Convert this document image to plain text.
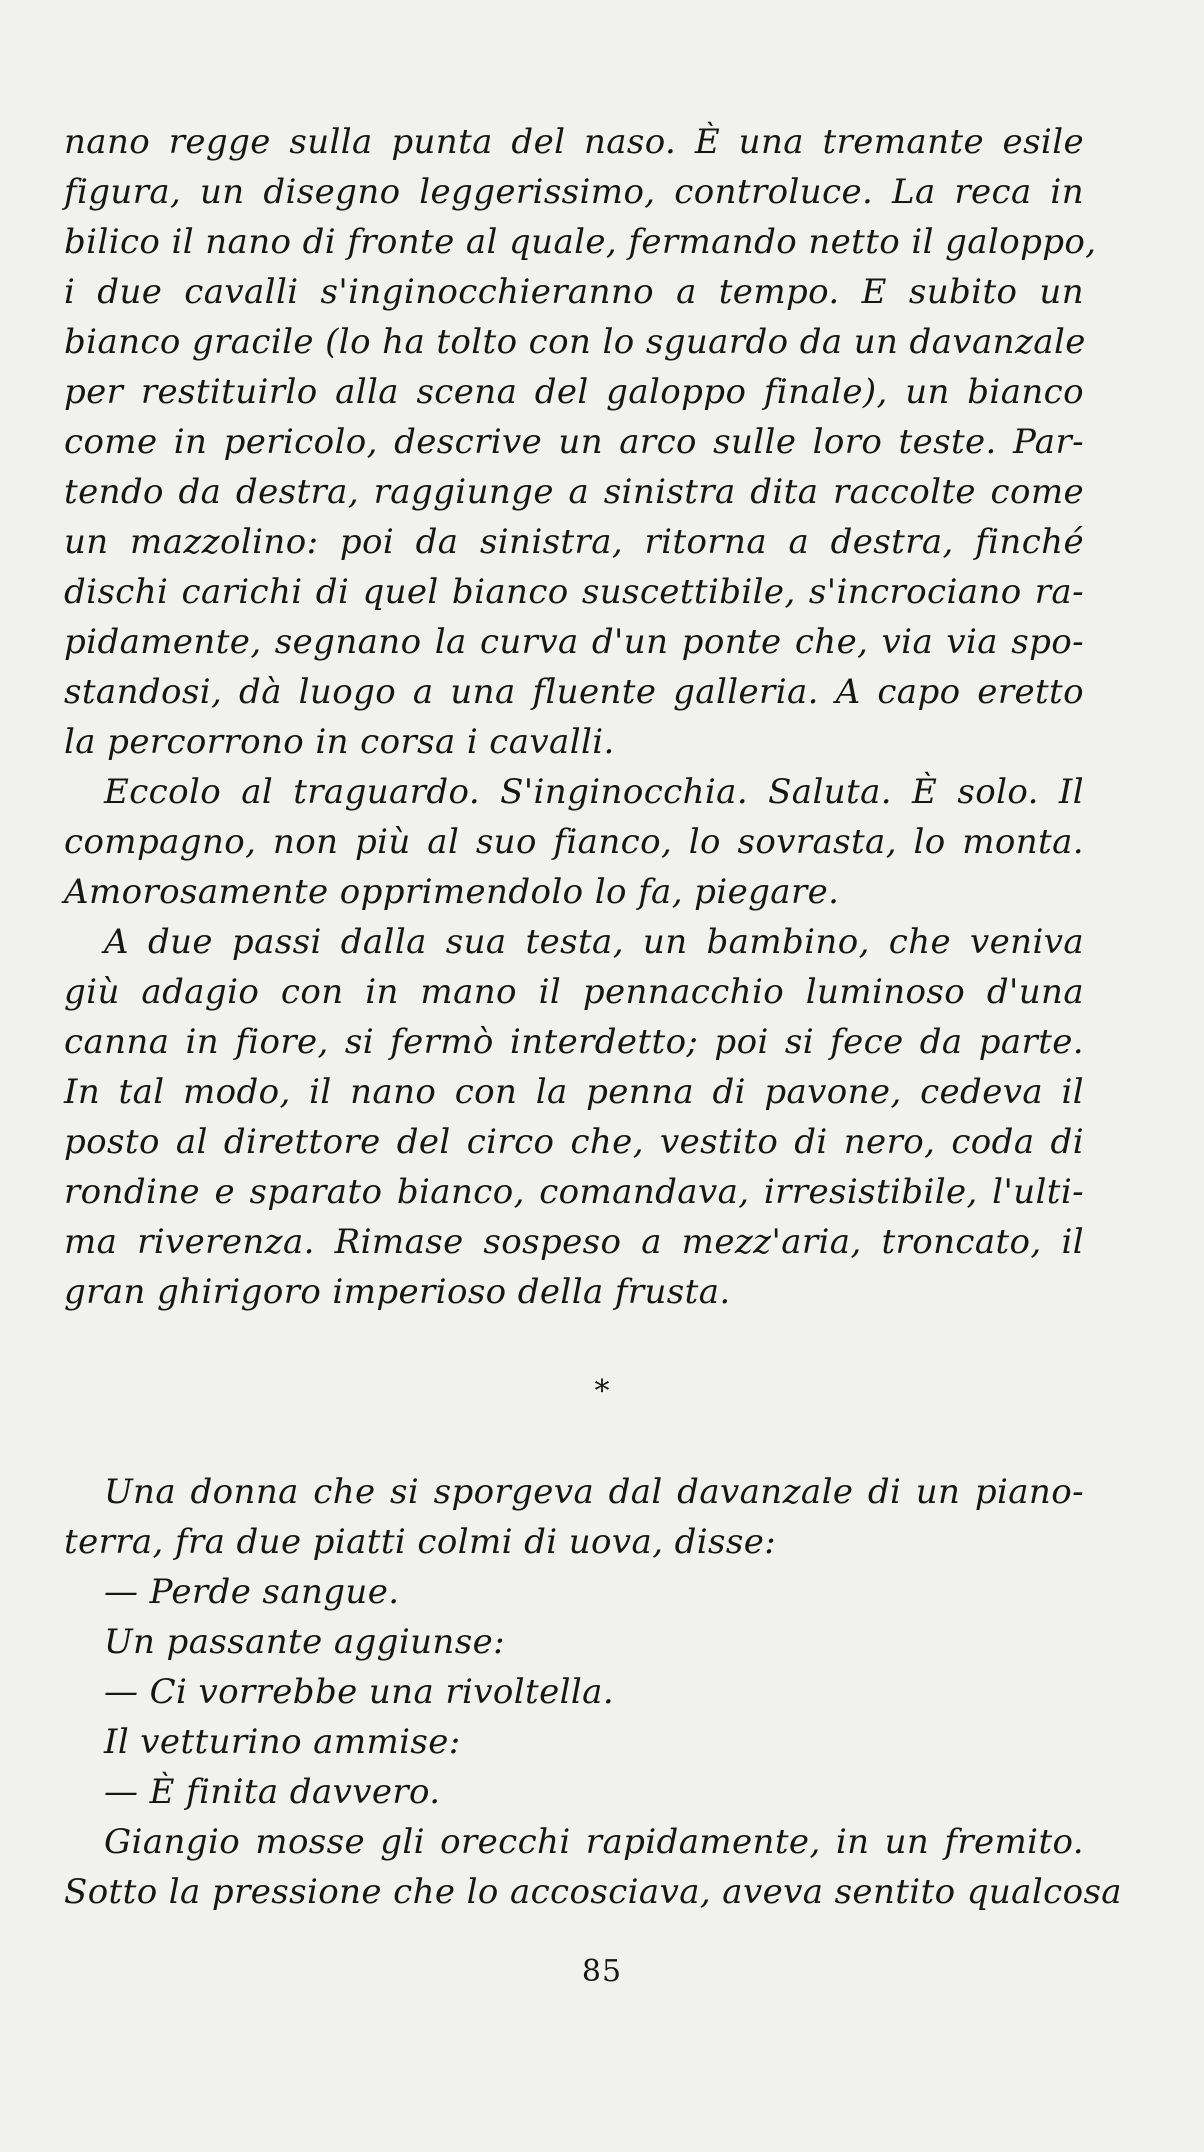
nano regge sulla punta del naso. È una tremante esile
figura, un disegno leggerissimo, controluce. La reca in
bilico il nano di fronte al quale, fermando netto il galoppo,
i due cavalli s'inginocchieranno a tempo. E subito un
bianco gracile (lo ha tolto con lo sguardo da un davanzale
per restituirlo alla scena del galoppo finale), un bianco
come in pericolo, descrive un arco sulle loro teste. Par-
tendo da destra, raggiunge a sinistra dita raccolte come
un mazzolino: poi da sinistra, ritorna a destra, finché
dischi carichi di quel bianco suscettibile, s'incrociano ra-
pidamente, segnano la curva d'un ponte che, via via spo-
standosi, dà luogo a una fluente galleria. A capo eretto
la percorrono in corsa i cavalli.
Eccolo al traguardo. S'inginocchia. Saluta. È solo. Il
compagno, non più al suo fianco, lo sovrasta, lo monta.
Amorosamente opprimendolo lo fa, piegare.
A due passi dalla sua testa, un bambino, che veniva
giù adagio con in mano il pennacchio luminoso d'una
canna in fiore, si fermò interdetto; poi si fece da parte.
In tal modo, il nano con la penna di pavone, cedeva il
posto al direttore del circo che, vestito di nero, coda di
rondine e sparato bianco, comandava, irresistibile, l'ulti-
ma riverenza. Rimase sospeso a mezz'aria, troncato, il
gran ghirigoro imperioso della frusta.
*
Una donna che si sporgeva dal davanzale di un piano-
terra, fra due piatti colmi di uova, disse:
— Perde sangue.
Un passante aggiunse:
— Ci vorrebbe una rivoltella.
Il vetturino ammise:
— È finita davvero.
Giangio mosse gli orecchi rapidamente, in un fremito.
Sotto la pressione che lo accosciava, aveva sentito qualcosa
85
